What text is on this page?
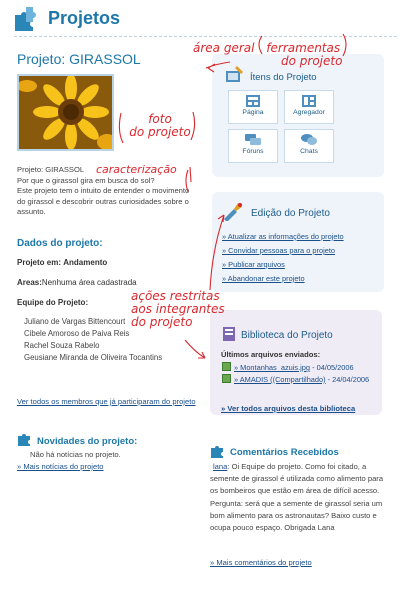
Projetos
Projeto: GIRASSOL
Projeto: GIRASSOL
Por que o girassol gira em busca do sol?
Este projeto tem o intuito de entender o movimento
do girassol e descobrir outras curiosidades sobre o
assunto.
Dados do projeto:
Projeto em: Andamento
Areas:Nenhuma área cadastrada
Equipe do Projeto:
Juliano de Vargas Bittencourt
Cibele Amoroso de Paiva Reis
Rachel Souza Rabelo
Geusiane Miranda de Oliveira Tocantins
Ver todos os membros que já participaram do projeto
Novidades do projeto:
Não há notícias no projeto.
» Mais notícias do projeto
Ítens do Projeto
Página	Agregador
Fóruns	Chats
Edição do Projeto
» Atualizar as informações do projeto
» Convidar pessoas para o projeto
» Publicar arquivos
» Abandonar este projeto
Biblioteca do Projeto
Últimos arquivos enviados:
» Montanhas_azuis.jpg - 04/05/2006
» AMADIS ((Compartilhado) - 24/04/2006
» Ver todos arquivos desta biblioteca
Comentários Recebidos
lana: Oi Equipe do projeto. Como foi citado, a semente de girassol é utilizada como alimento para os bombeiros que estão em área de difícil acesso. Pergunta: será que a semente de girassol seria um bom alimento para os astronautas? Baixo custo e ocupa pouco espaço. Obrigada Lana
» Mais comentários do projeto
área geral ferramentas
do projeto
foto
do projeto
caracterização
ações restritas
aos integrantes
do projeto
